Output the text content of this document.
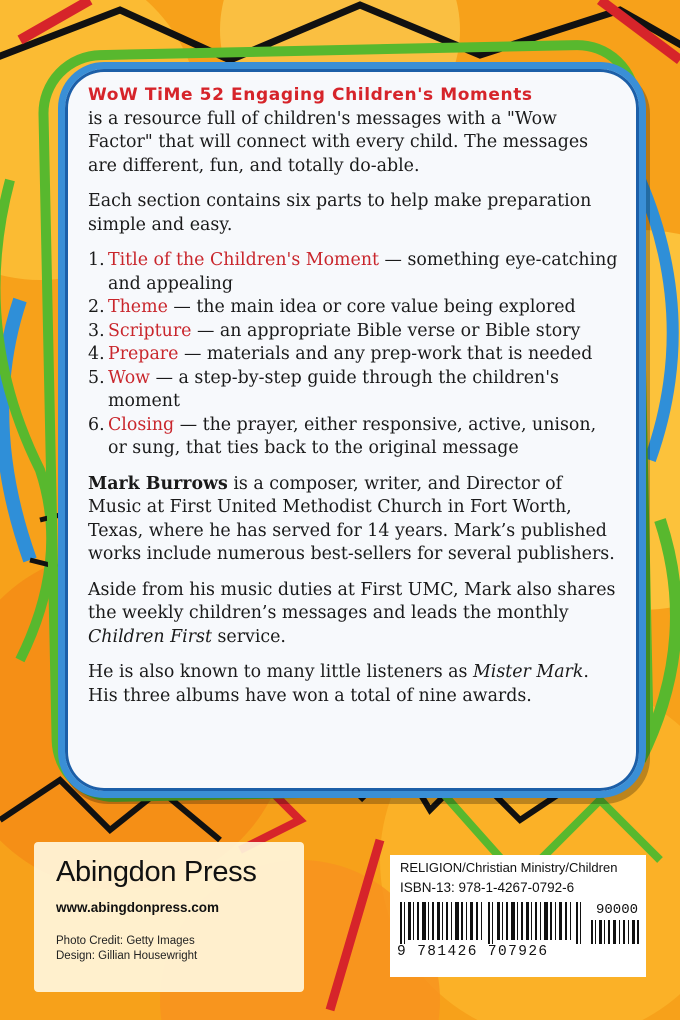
WoW TiMe 52 Engaging Children's Moments
is a resource full of children's messages with a "Wow Factor" that will connect with every child. The messages are different, fun, and totally do-able.

Each section contains six parts to help make preparation simple and easy.

1. Title of the Children's Moment — something eye-catching and appealing
2. Theme — the main idea or core value being explored
3. Scripture — an appropriate Bible verse or Bible story
4. Prepare — materials and any prep-work that is needed
5. Wow — a step-by-step guide through the children's moment
6. Closing — the prayer, either responsive, active, unison, or sung, that ties back to the original message

Mark Burrows is a composer, writer, and Director of Music at First United Methodist Church in Fort Worth, Texas, where he has served for 14 years. Mark’s published works include numerous best-sellers for several publishers.

Aside from his music duties at First UMC, Mark also shares the weekly children’s messages and leads the monthly Children First service.

He is also known to many little listeners as Mister Mark. His three albums have won a total of nine awards.

Abingdon Press
www.abingdonpress.com
Photo Credit: Getty Images
Design: Gillian Housewright
RELIGION/Christian Ministry/Children
ISBN-13: 978-1-4267-0792-6
90000
9 781426 707926
